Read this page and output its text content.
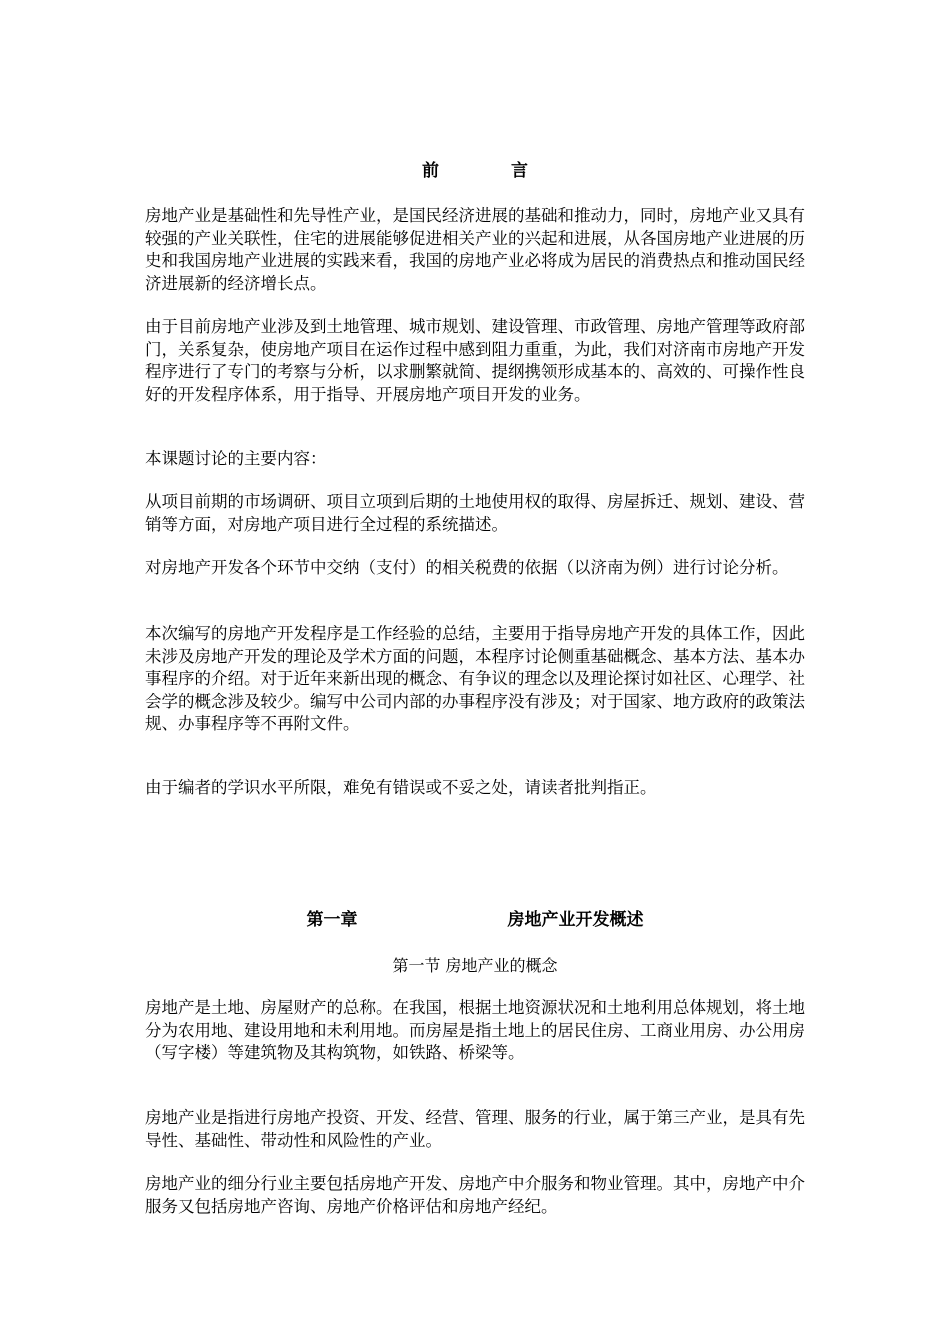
前	言

房地产业是基础性和先导性产业，是国民经济进展的基础和推动力，同时，房地产业又具有较强的产业关联性，住宅的进展能够促进相关产业的兴起和进展，从各国房地产业进展的历史和我国房地产业进展的实践来看，我国的房地产业必将成为居民的消费热点和推动国民经济进展新的经济增长点。

由于目前房地产业涉及到土地管理、城市规划、建设管理、市政管理、房地产管理等政府部门，关系复杂，使房地产项目在运作过程中感到阻力重重，为此，我们对济南市房地产开发程序进行了专门的考察与分析，以求删繁就简、提纲携领形成基本的、高效的、可操作性良好的开发程序体系，用于指导、开展房地产项目开发的业务。

本课题讨论的主要内容：

从项目前期的市场调研、项目立项到后期的土地使用权的取得、房屋拆迁、规划、建设、营销等方面，对房地产项目进行全过程的系统描述。

对房地产开发各个环节中交纳（支付）的相关税费的依据（以济南为例）进行讨论分析。

本次编写的房地产开发程序是工作经验的总结，主要用于指导房地产开发的具体工作，因此未涉及房地产开发的理论及学术方面的问题，本程序讨论侧重基础概念、基本方法、基本办事程序的介绍。对于近年来新出现的概念、有争议的理念以及理论探讨如社区、心理学、社会学的概念涉及较少。编写中公司内部的办事程序没有涉及；对于国家、地方政府的政策法规、办事程序等不再附文件。

由于编者的学识水平所限，难免有错误或不妥之处，请读者批判指正。

第一章	房地产业开发概述
第一节 房地产业的概念

房地产是土地、房屋财产的总称。在我国，根据土地资源状况和土地利用总体规划，将土地分为农用地、建设用地和未利用地。而房屋是指土地上的居民住房、工商业用房、办公用房（写字楼）等建筑物及其构筑物，如铁路、桥梁等。

房地产业是指进行房地产投资、开发、经营、管理、服务的行业，属于第三产业，是具有先导性、基础性、带动性和风险性的产业。

房地产业的细分行业主要包括房地产开发、房地产中介服务和物业管理。其中，房地产中介服务又包括房地产咨询、房地产价格评估和房地产经纪。
